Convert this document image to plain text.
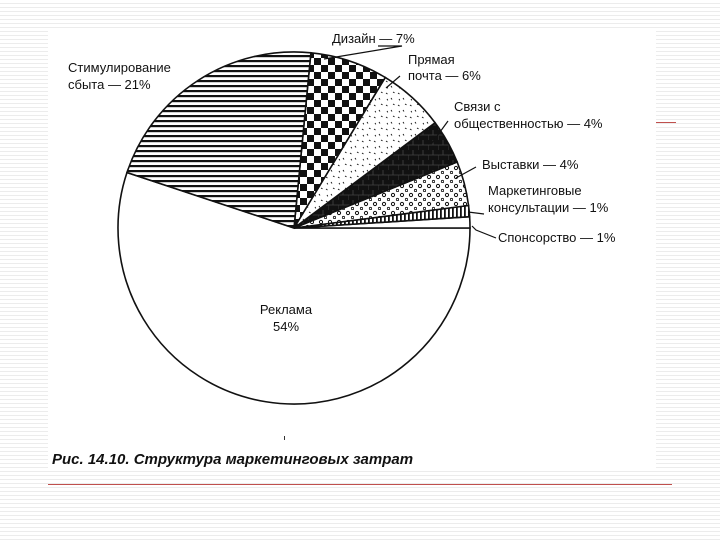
Реклама 54%
Стимулирование сбыта — 21%
Дизайн — 7%
Прямая почта — 6%
Связи с общественностью — 4%
Выставки — 4%
Маркетинговые консультации — 1%
Спонсорство — 1%

Рис. 14.10. Структура маркетинговых затрат
